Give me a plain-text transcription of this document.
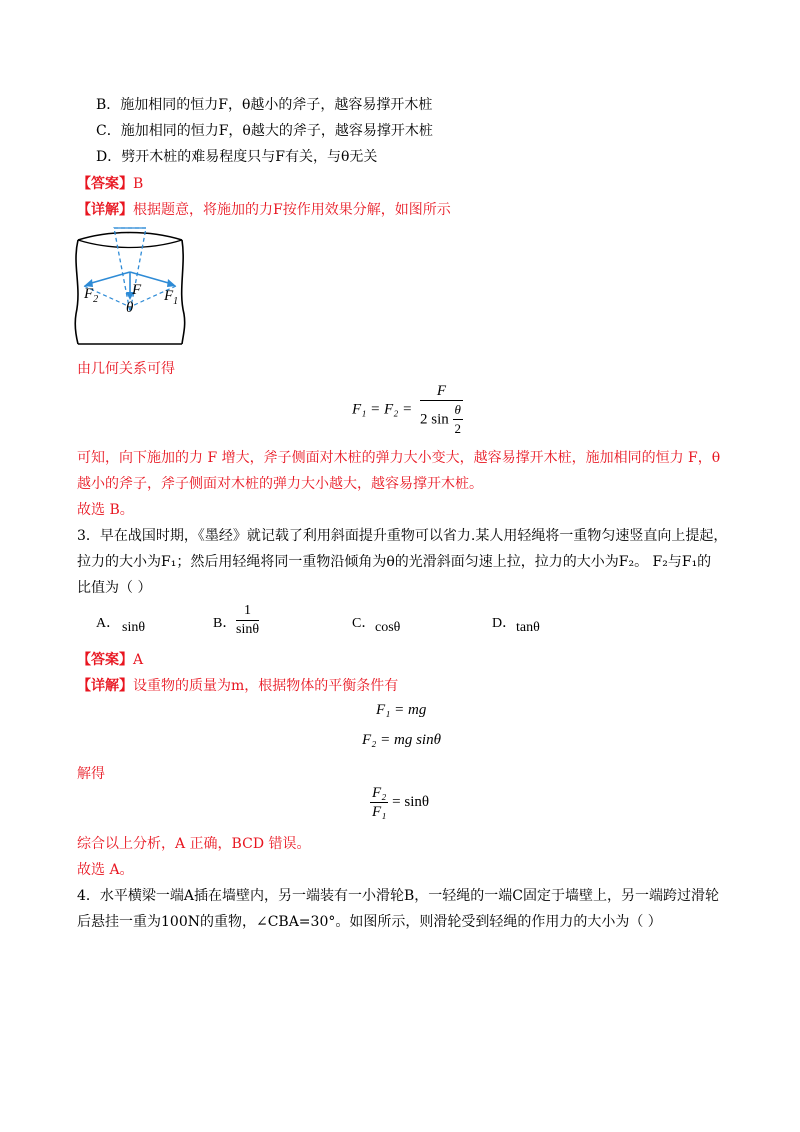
B．施加相同的恒力F，θ越小的斧子，越容易撑开木桩
C．施加相同的恒力F，θ越大的斧子，越容易撑开木桩
D．劈开木桩的难易程度只与F有关，与θ无关
【答案】B
【详解】根据题意，将施加的力F按作用效果分解，如图所示
$F_2$
F
θ
$F_1$
由几何关系可得
$F_1 = F_2 = \frac{F}{2 \sin \frac{\theta}{2}}$
可知，向下施加的力 F 增大，斧子侧面对木桩的弹力大小变大，越容易撑开木桩，施加相同的恒力 F，θ
越小的斧子，斧子侧面对木桩的弹力大小越大，越容易撑开木桩。
故选 B。
3．早在战国时期，《墨经》就记载了利用斜面提升重物可以省力.某人用轻绳将一重物匀速竖直向上提起，
拉力的大小为F₁；然后用轻绳将同一重物沿倾角为θ的光滑斜面匀速上拉，拉力的大小为F₂。 F₂与F₁的
比值为（ ）
A． sinθ	B． $\frac{1}{\sin\theta}$	C． cosθ	D． tanθ
【答案】A
【详解】设重物的质量为m，根据物体的平衡条件有
F₁ = mg
F₂ = mg sinθ
解得
$\frac{\text{F₂}}{\text{F₁}} = \sin\theta$
综合以上分析，A 正确，BCD 错误。
故选 A。
4．水平横梁一端A插在墙壁内，另一端装有一小滑轮B，一轻绳的一端C固定于墙壁上，另一端跨过滑轮
后悬挂一重为100N的重物，∠CBA=30°。如图所示，则滑轮受到轻绳的作用力的大小为（ ）
